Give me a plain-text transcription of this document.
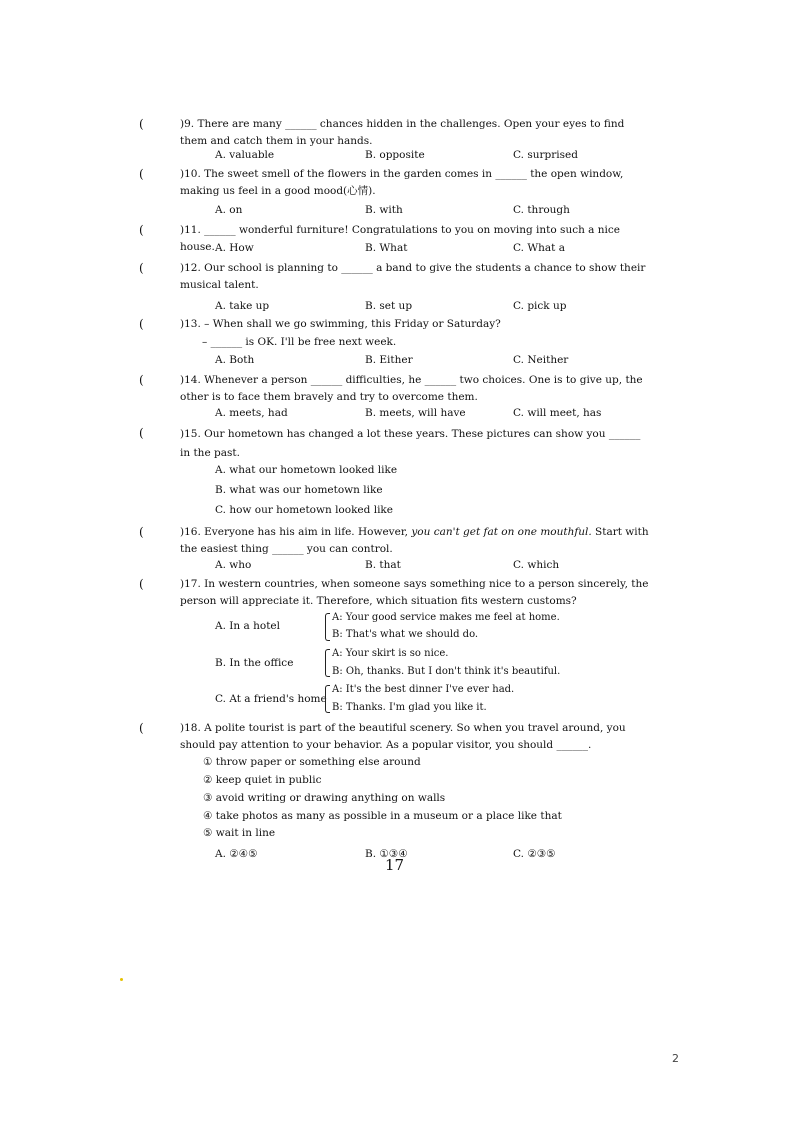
(	)9. There are many ______ chances hidden in the challenges. Open your eyes to find them and catch them in your hands.
A. valuable	B. opposite	C. surprised
(	)10. The sweet smell of the flowers in the garden comes in ______ the open window, making us feel in a good mood(心情).
A. on	B. with	C. through
(	)11. ______ wonderful furniture! Congratulations to you on moving into such a nice house. A. How	B. What	C. What a
(	)12. Our school is planning to ______ a band to give the students a chance to show their musical talent.
A. take up	B. set up	C. pick up
(	)13. – When shall we go swimming, this Friday or Saturday?
– ______ is OK. I'll be free next week.
A. Both	B. Either	C. Neither
(	)14. Whenever a person ______ difficulties, he ______ two choices. One is to give up, the other is to face them bravely and try to overcome them.
A. meets, had	B. meets, will have	C. will meet, has
(	)15. Our hometown has changed a lot these years. These pictures can show you ______ in the past.
A. what our hometown looked like
B. what was our hometown like
C. how our hometown looked like
(	)16. Everyone has his aim in life. However, you can't get fat on one mouthful. Start with the easiest thing ______ you can control.
A. who	B. that	C. which
(	)17. In western countries, when someone says something nice to a person sincerely, the person will appreciate it. Therefore, which situation fits western customs?
A. In a hotel
A: Your good service makes me feel at home.
B: That's what we should do.
B. In the office
A: Your skirt is so nice.
B: Oh, thanks. But I don't think it's beautiful.
C. At a friend's home
A: It's the best dinner I've ever had.
B: Thanks. I'm glad you like it.
(	)18. A polite tourist is part of the beautiful scenery. So when you travel around, you should pay attention to your behavior. As a popular visitor, you should ______.
① throw paper or something else around
② keep quiet in public
③ avoid writing or drawing anything on walls
④ take photos as many as possible in a museum or a place like that
⑤ wait in line
A. ②④⑤	B. ①③④	C. ②③⑤
17
2
